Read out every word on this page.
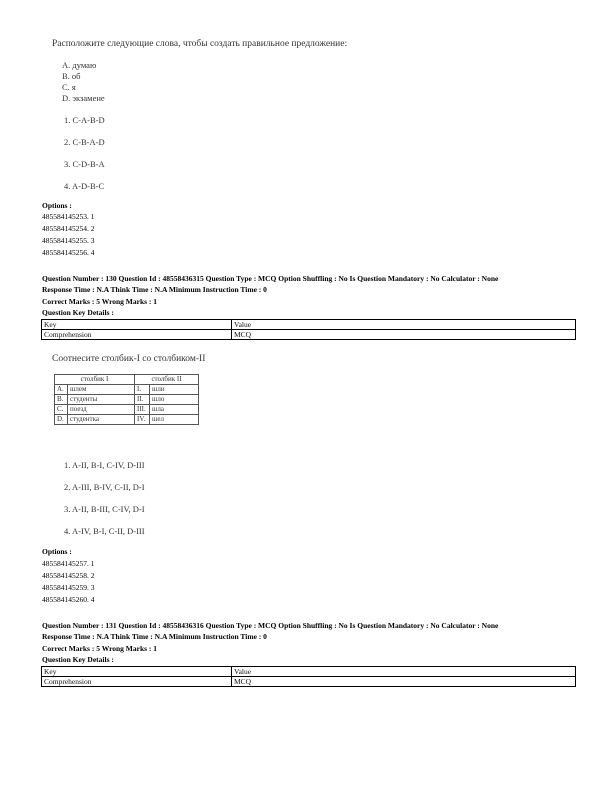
Расположите следующие слова, чтобы создать правильное предложение:
A. думаю
B. об
C. я
D. экзамене
1. C-A-B-D
2. C-B-A-D
3. C-D-B-A
4. A-D-B-C
Options :
485584145253. 1
485584145254. 2
485584145255. 3
485584145256. 4
Question Number : 130 Question Id : 48558436315 Question Type : MCQ Option Shuffling : No Is Question Mandatory : No Calculator : None
Response Time : N.A Think Time : N.A Minimum Instruction Time : 0
Correct Marks : 5 Wrong Marks : 1
Question Key Details :
Key	Value
Comprehension	MCQ
Соотнесите столбик-I со столбиком-II
столбик I		столбик II	
A.	шлем	I.	шли
B.	студенты	II.	шло
C.	поезд	III.	шла
D.	студентка	IV.	шел
1. A-II, B-I, C-IV, D-III
2. A-III, B-IV, C-II, D-I
3. A-II, B-III, C-IV, D-I
4. A-IV, B-I, C-II, D-III
Options :
485584145257. 1
485584145258. 2
485584145259. 3
485584145260. 4
Question Number : 131 Question Id : 48558436316 Question Type : MCQ Option Shuffling : No Is Question Mandatory : No Calculator : None
Response Time : N.A Think Time : N.A Minimum Instruction Time : 0
Correct Marks : 5 Wrong Marks : 1
Question Key Details :
Key	Value
Comprehension	MCQ
